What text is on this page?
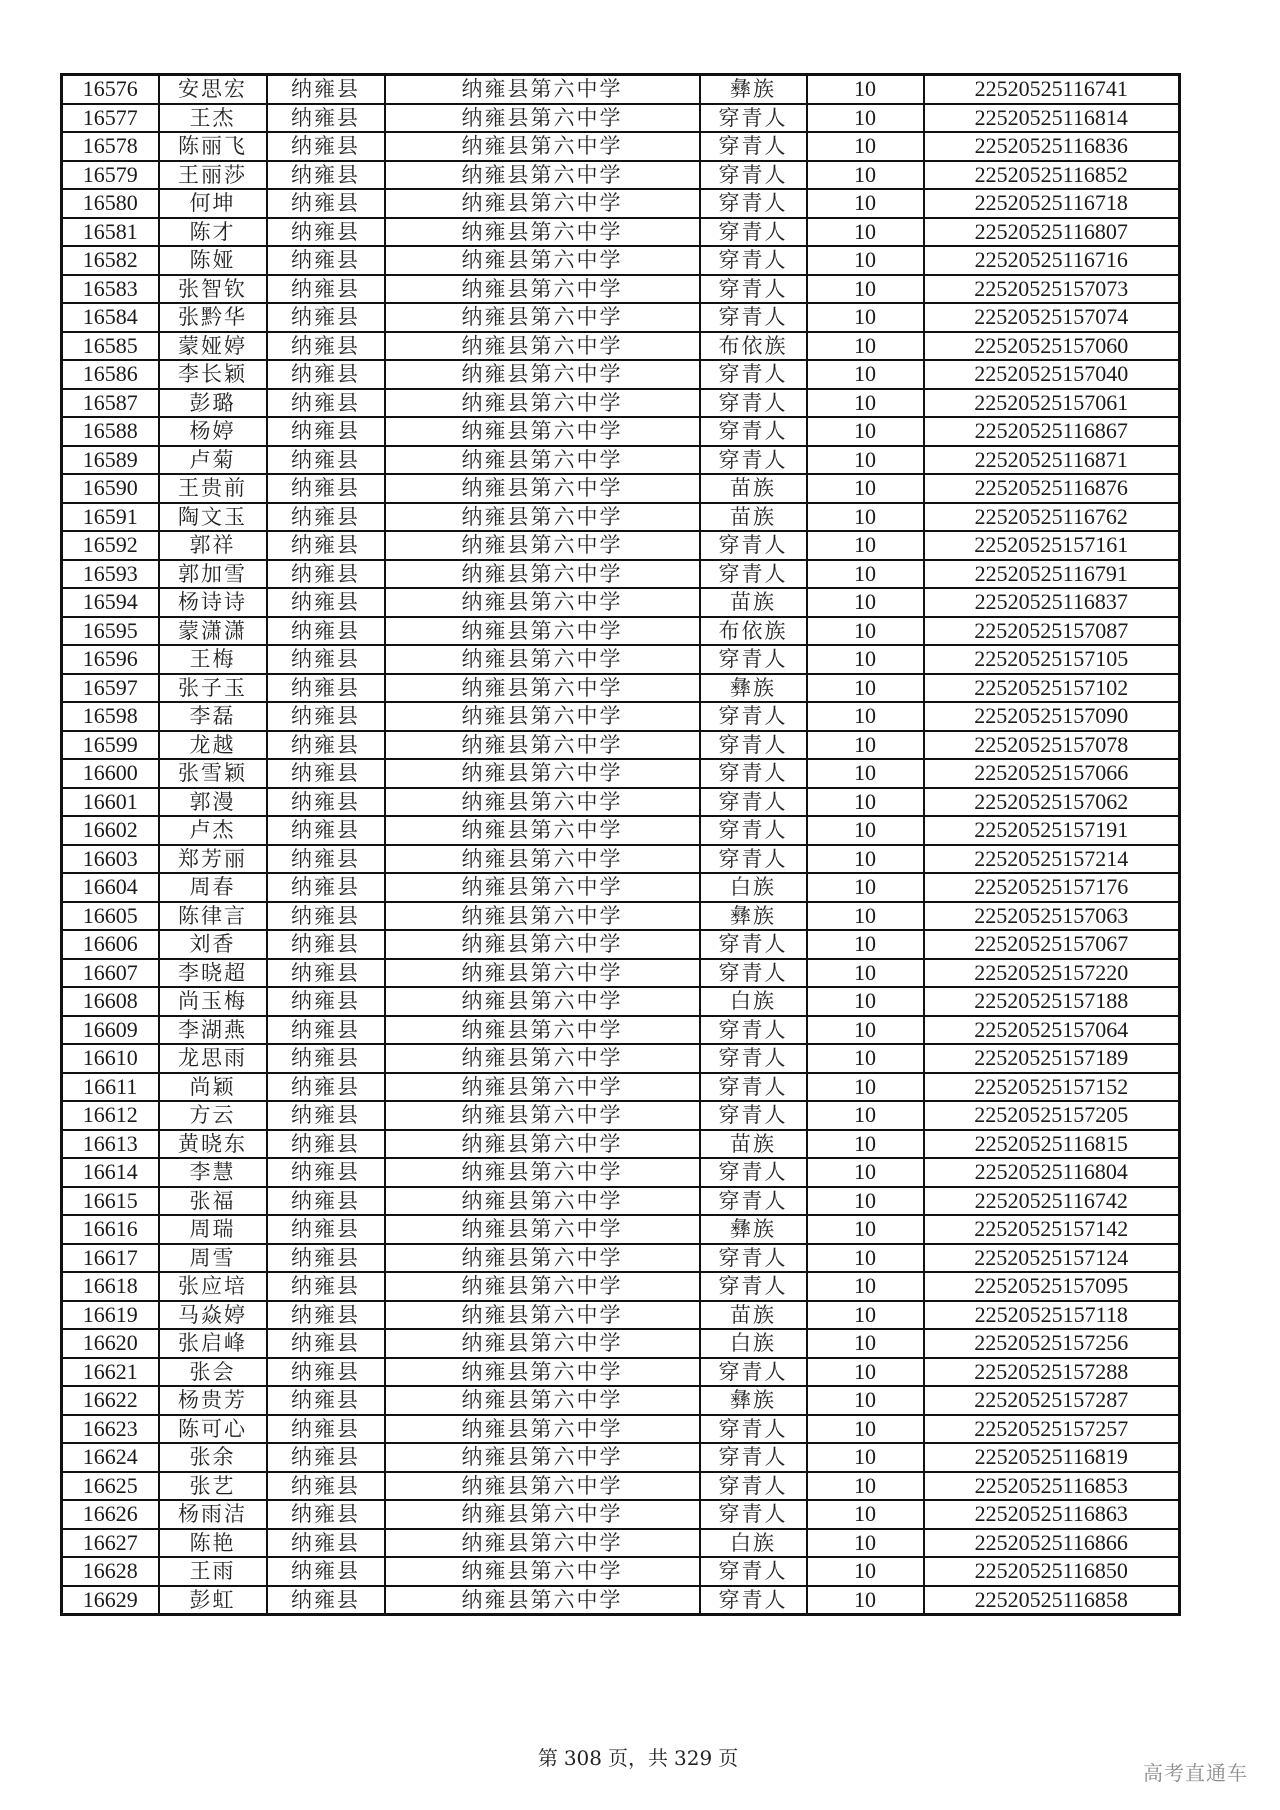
16576	安思宏	纳雍县	纳雍县第六中学	彝族	10	22520525116741
16577	王杰	纳雍县	纳雍县第六中学	穿青人	10	22520525116814
16578	陈丽飞	纳雍县	纳雍县第六中学	穿青人	10	22520525116836
16579	王丽莎	纳雍县	纳雍县第六中学	穿青人	10	22520525116852
16580	何坤	纳雍县	纳雍县第六中学	穿青人	10	22520525116718
16581	陈才	纳雍县	纳雍县第六中学	穿青人	10	22520525116807
16582	陈娅	纳雍县	纳雍县第六中学	穿青人	10	22520525116716
16583	张智钦	纳雍县	纳雍县第六中学	穿青人	10	22520525157073
16584	张黔华	纳雍县	纳雍县第六中学	穿青人	10	22520525157074
16585	蒙娅婷	纳雍县	纳雍县第六中学	布依族	10	22520525157060
16586	李长颖	纳雍县	纳雍县第六中学	穿青人	10	22520525157040
16587	彭璐	纳雍县	纳雍县第六中学	穿青人	10	22520525157061
16588	杨婷	纳雍县	纳雍县第六中学	穿青人	10	22520525116867
16589	卢菊	纳雍县	纳雍县第六中学	穿青人	10	22520525116871
16590	王贵前	纳雍县	纳雍县第六中学	苗族	10	22520525116876
16591	陶文玉	纳雍县	纳雍县第六中学	苗族	10	22520525116762
16592	郭祥	纳雍县	纳雍县第六中学	穿青人	10	22520525157161
16593	郭加雪	纳雍县	纳雍县第六中学	穿青人	10	22520525116791
16594	杨诗诗	纳雍县	纳雍县第六中学	苗族	10	22520525116837
16595	蒙潇潇	纳雍县	纳雍县第六中学	布依族	10	22520525157087
16596	王梅	纳雍县	纳雍县第六中学	穿青人	10	22520525157105
16597	张子玉	纳雍县	纳雍县第六中学	彝族	10	22520525157102
16598	李磊	纳雍县	纳雍县第六中学	穿青人	10	22520525157090
16599	龙越	纳雍县	纳雍县第六中学	穿青人	10	22520525157078
16600	张雪颖	纳雍县	纳雍县第六中学	穿青人	10	22520525157066
16601	郭漫	纳雍县	纳雍县第六中学	穿青人	10	22520525157062
16602	卢杰	纳雍县	纳雍县第六中学	穿青人	10	22520525157191
16603	郑芳丽	纳雍县	纳雍县第六中学	穿青人	10	22520525157214
16604	周春	纳雍县	纳雍县第六中学	白族	10	22520525157176
16605	陈律言	纳雍县	纳雍县第六中学	彝族	10	22520525157063
16606	刘香	纳雍县	纳雍县第六中学	穿青人	10	22520525157067
16607	李晓超	纳雍县	纳雍县第六中学	穿青人	10	22520525157220
16608	尚玉梅	纳雍县	纳雍县第六中学	白族	10	22520525157188
16609	李湖燕	纳雍县	纳雍县第六中学	穿青人	10	22520525157064
16610	龙思雨	纳雍县	纳雍县第六中学	穿青人	10	22520525157189
16611	尚颖	纳雍县	纳雍县第六中学	穿青人	10	22520525157152
16612	方云	纳雍县	纳雍县第六中学	穿青人	10	22520525157205
16613	黄晓东	纳雍县	纳雍县第六中学	苗族	10	22520525116815
16614	李慧	纳雍县	纳雍县第六中学	穿青人	10	22520525116804
16615	张福	纳雍县	纳雍县第六中学	穿青人	10	22520525116742
16616	周瑞	纳雍县	纳雍县第六中学	彝族	10	22520525157142
16617	周雪	纳雍县	纳雍县第六中学	穿青人	10	22520525157124
16618	张应培	纳雍县	纳雍县第六中学	穿青人	10	22520525157095
16619	马焱婷	纳雍县	纳雍县第六中学	苗族	10	22520525157118
16620	张启峰	纳雍县	纳雍县第六中学	白族	10	22520525157256
16621	张会	纳雍县	纳雍县第六中学	穿青人	10	22520525157288
16622	杨贵芳	纳雍县	纳雍县第六中学	彝族	10	22520525157287
16623	陈可心	纳雍县	纳雍县第六中学	穿青人	10	22520525157257
16624	张余	纳雍县	纳雍县第六中学	穿青人	10	22520525116819
16625	张艺	纳雍县	纳雍县第六中学	穿青人	10	22520525116853
16626	杨雨洁	纳雍县	纳雍县第六中学	穿青人	10	22520525116863
16627	陈艳	纳雍县	纳雍县第六中学	白族	10	22520525116866
16628	王雨	纳雍县	纳雍县第六中学	穿青人	10	22520525116850
16629	彭虹	纳雍县	纳雍县第六中学	穿青人	10	22520525116858
第 308 页，共 329 页
高考直通车
